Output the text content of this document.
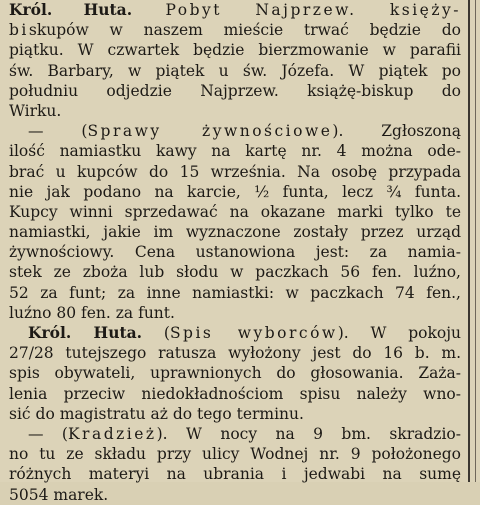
Król. Huta. Pobyt Najprzew. księży-
biskupów w naszem mieście trwać będzie do
piątku. W czwartek będzie bierzmowanie w parafii
św. Barbary, w piątek u św. Józefa. W piątek po
południu odjedzie Najprzew. książę-biskup do
Wirku.
— (Sprawy żywnościowe). Zgłoszoną
ilość namiastku kawy na kartę nr. 4 można ode-
brać u kupców do 15 września. Na osobę przypada
nie jak podano na karcie, ½ funta, lecz ¾ funta.
Kupcy winni sprzedawać na okazane marki tylko te
namiastki, jakie im wyznaczone zostały przez urząd
żywnościowy. Cena ustanowiona jest: za namia-
stek ze zboża lub słodu w paczkach 56 fen. luźno,
52 za funt; za inne namiastki: w paczkach 74 fen.,
luźno 80 fen. za funt.
Król. Huta. (Spis wyborców). W pokoju
27/28 tutejszego ratusza wyłożony jest do 16 b. m.
spis obywateli, uprawnionych do głosowania. Zaża-
lenia przeciw niedokładnościom spisu należy wno-
sić do magistratu aż do tego terminu.
— (Kradzież). W nocy na 9 bm. skradzio-
no tu ze składu przy ulicy Wodnej nr. 9 położonego
różnych materyi na ubrania i jedwabi na sumę
5054 marek.
